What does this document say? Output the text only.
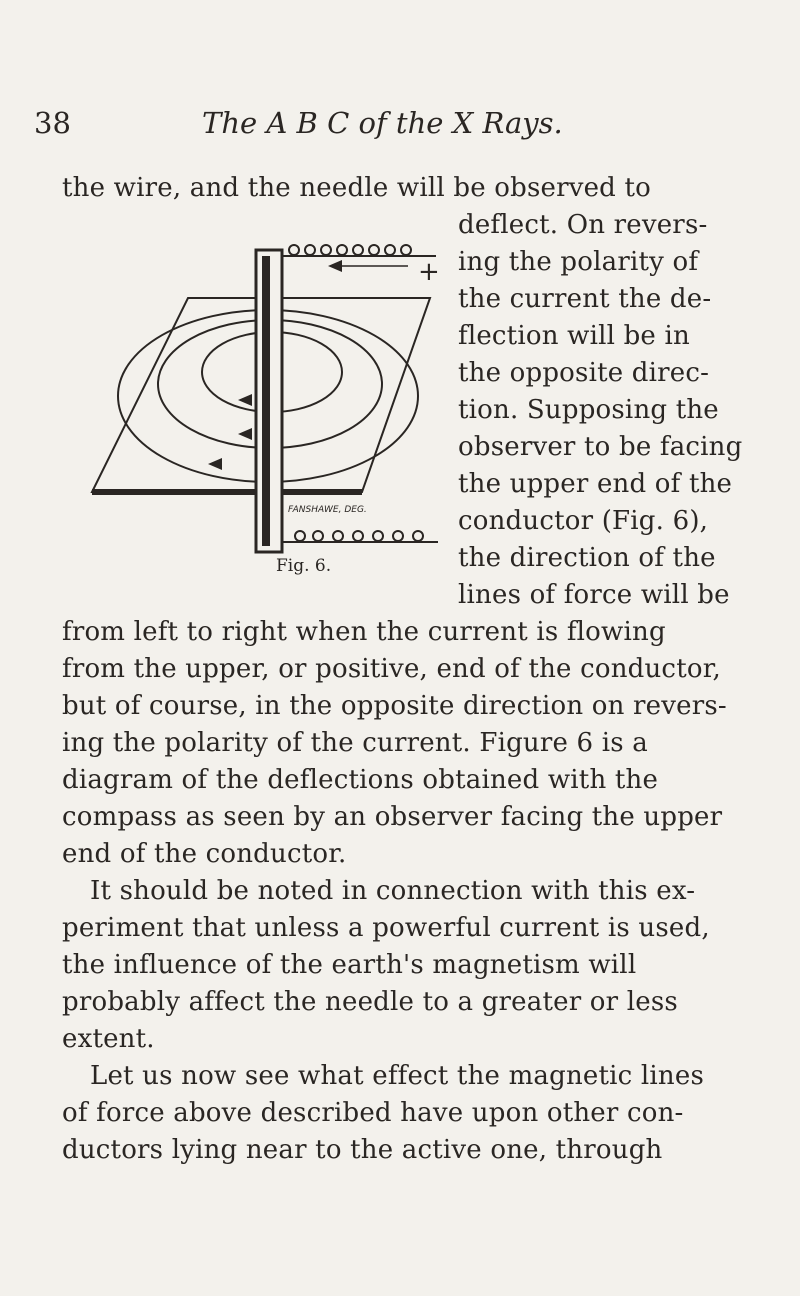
38	The A B C of the X Rays.
the wire, and the needle will be observed to
+
FANSHAWE, DEG.
Fig. 6.
deflect. On revers-
ing the polarity of
the current the de-
flection will be in
the opposite direc-
tion. Supposing the
observer to be facing
the upper end of the
conductor (Fig. 6),
the direction of the
lines of force will be
from left to right when the current is flowing
from the upper, or positive, end of the conductor,
but of course, in the opposite direction on revers-
ing the polarity of the current. Figure 6 is a
diagram of the deflections obtained with the
compass as seen by an observer facing the upper
end of the conductor.
It should be noted in connection with this ex-
periment that unless a powerful current is used,
the influence of the earth's magnetism will
probably affect the needle to a greater or less
extent.
Let us now see what effect the magnetic lines
of force above described have upon other con-
ductors lying near to the active one, through
